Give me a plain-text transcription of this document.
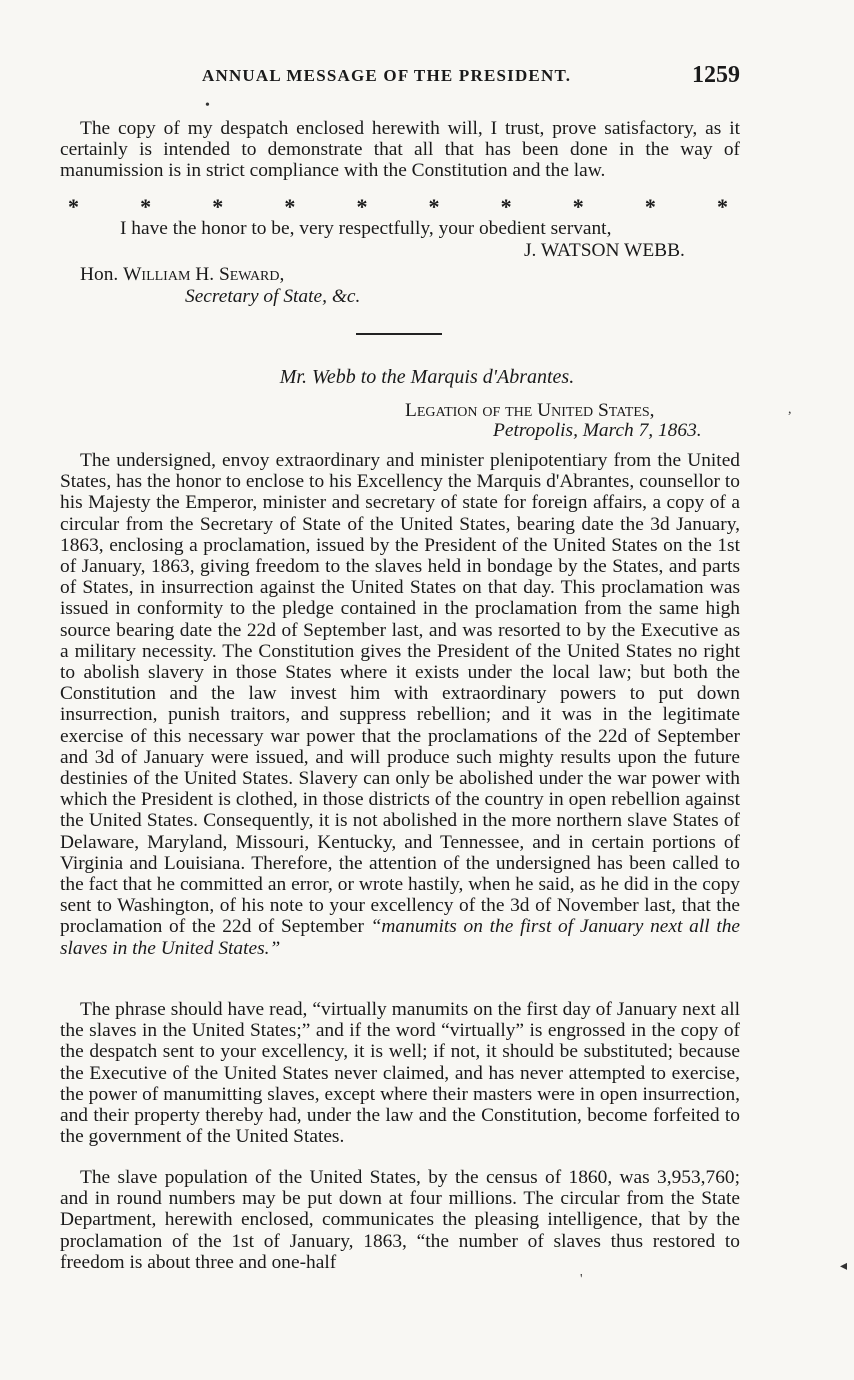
ANNUAL MESSAGE OF THE PRESIDENT.	1259
•
The copy of my despatch enclosed herewith will, I trust, prove satisfactory, as it certainly is intended to demonstrate that all that has been done in the way of manumission is in strict compliance with the Constitution and the law.
*	*	*	*	*	*	*	*	*	*
I have the honor to be, very respectfully, your obedient servant,
J. WATSON WEBB.
Hon. William H. Seward,
Secretary of State, &c.
Mr. Webb to the Marquis d'Abrantes.
Legation of the United States,
Petropolis, March 7, 1863.
,
The undersigned, envoy extraordinary and minister plenipotentiary from the United States, has the honor to enclose to his Excellency the Marquis d'Abrantes, counsellor to his Majesty the Emperor, minister and secretary of state for foreign affairs, a copy of a circular from the Secretary of State of the United States, bearing date the 3d January, 1863, enclosing a proclamation, issued by the President of the United States on the 1st of January, 1863, giving freedom to the slaves held in bondage by the States, and parts of States, in insurrection against the United States on that day. This proclamation was issued in conformity to the pledge contained in the proclamation from the same high source bearing date the 22d of September last, and was resorted to by the Executive as a military necessity. The Constitution gives the President of the United States no right to abolish slavery in those States where it exists under the local law; but both the Constitution and the law invest him with extraordinary powers to put down insurrection, punish traitors, and suppress rebellion; and it was in the legitimate exercise of this necessary war power that the proclamations of the 22d of September and 3d of January were issued, and will produce such mighty results upon the future destinies of the United States. Slavery can only be abolished under the war power with which the President is clothed, in those districts of the country in open rebellion against the United States. Consequently, it is not abolished in the more northern slave States of Delaware, Maryland, Missouri, Kentucky, and Tennessee, and in certain portions of Virginia and Louisiana. Therefore, the attention of the undersigned has been called to the fact that he committed an error, or wrote hastily, when he said, as he did in the copy sent to Washington, of his note to your excellency of the 3d of November last, that the proclamation of the 22d of September “manumits on the first of January next all the slaves in the United States.”
The phrase should have read, “virtually manumits on the first day of January next all the slaves in the United States;” and if the word “virtually” is engrossed in the copy of the despatch sent to your excellency, it is well; if not, it should be substituted; because the Executive of the United States never claimed, and has never attempted to exercise, the power of manumitting slaves, except where their masters were in open insurrection, and their property thereby had, under the law and the Constitution, become forfeited to the government of the United States.
The slave population of the United States, by the census of 1860, was 3,953,760; and in round numbers may be put down at four millions. The circular from the State Department, herewith enclosed, communicates the pleasing intelligence, that by the proclamation of the 1st of January, 1863, “the number of slaves thus restored to freedom is about three and one-half	◂
'
